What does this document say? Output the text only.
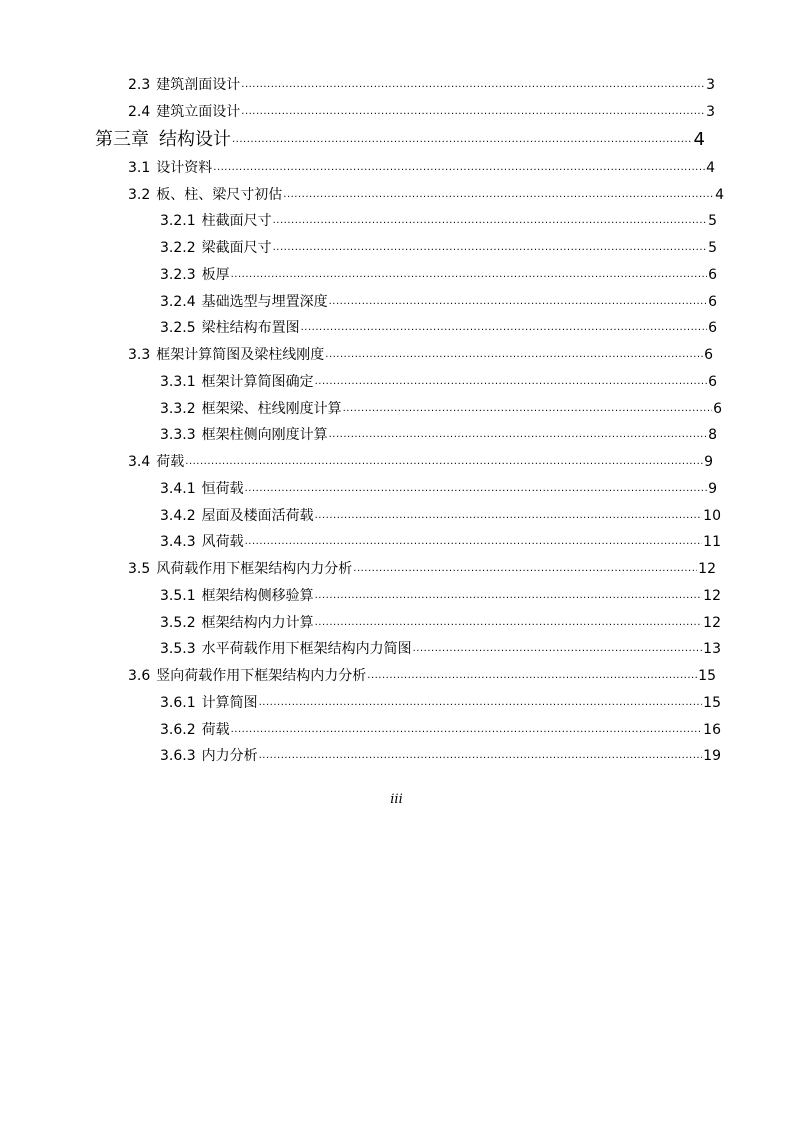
2.3 建筑剖面设计 .....	3
2.4 建筑立面设计 .....	3
第三章 结构设计 .....	4
3.1 设计资料 .....	4
3.2 板、柱、梁尺寸初估 .....	4
3.2.1 柱截面尺寸 .....	5
3.2.2 梁截面尺寸 .....	5
3.2.3 板厚 .....	6
3.2.4 基础选型与埋置深度 .....	6
3.2.5 梁柱结构布置图 .....	6
3.3 框架计算简图及梁柱线刚度 .....	6
3.3.1 框架计算简图确定 .....	6
3.3.2 框架梁、柱线刚度计算 .....	6
3.3.3 框架柱侧向刚度计算 .....	8
3.4 荷载 .....	9
3.4.1 恒荷载 .....	9
3.4.2 屋面及楼面活荷载 .....	10
3.4.3 风荷载 .....	11
3.5 风荷载作用下框架结构内力分析 .....	12
3.5.1 框架结构侧移验算 .....	12
3.5.2 框架结构内力计算 .....	12
3.5.3 水平荷载作用下框架结构内力简图 .....	13
3.6 竖向荷载作用下框架结构内力分析 .....	15
3.6.1 计算简图 .....	15
3.6.2 荷载 .....	16
3.6.3 内力分析 .....	19
iii
